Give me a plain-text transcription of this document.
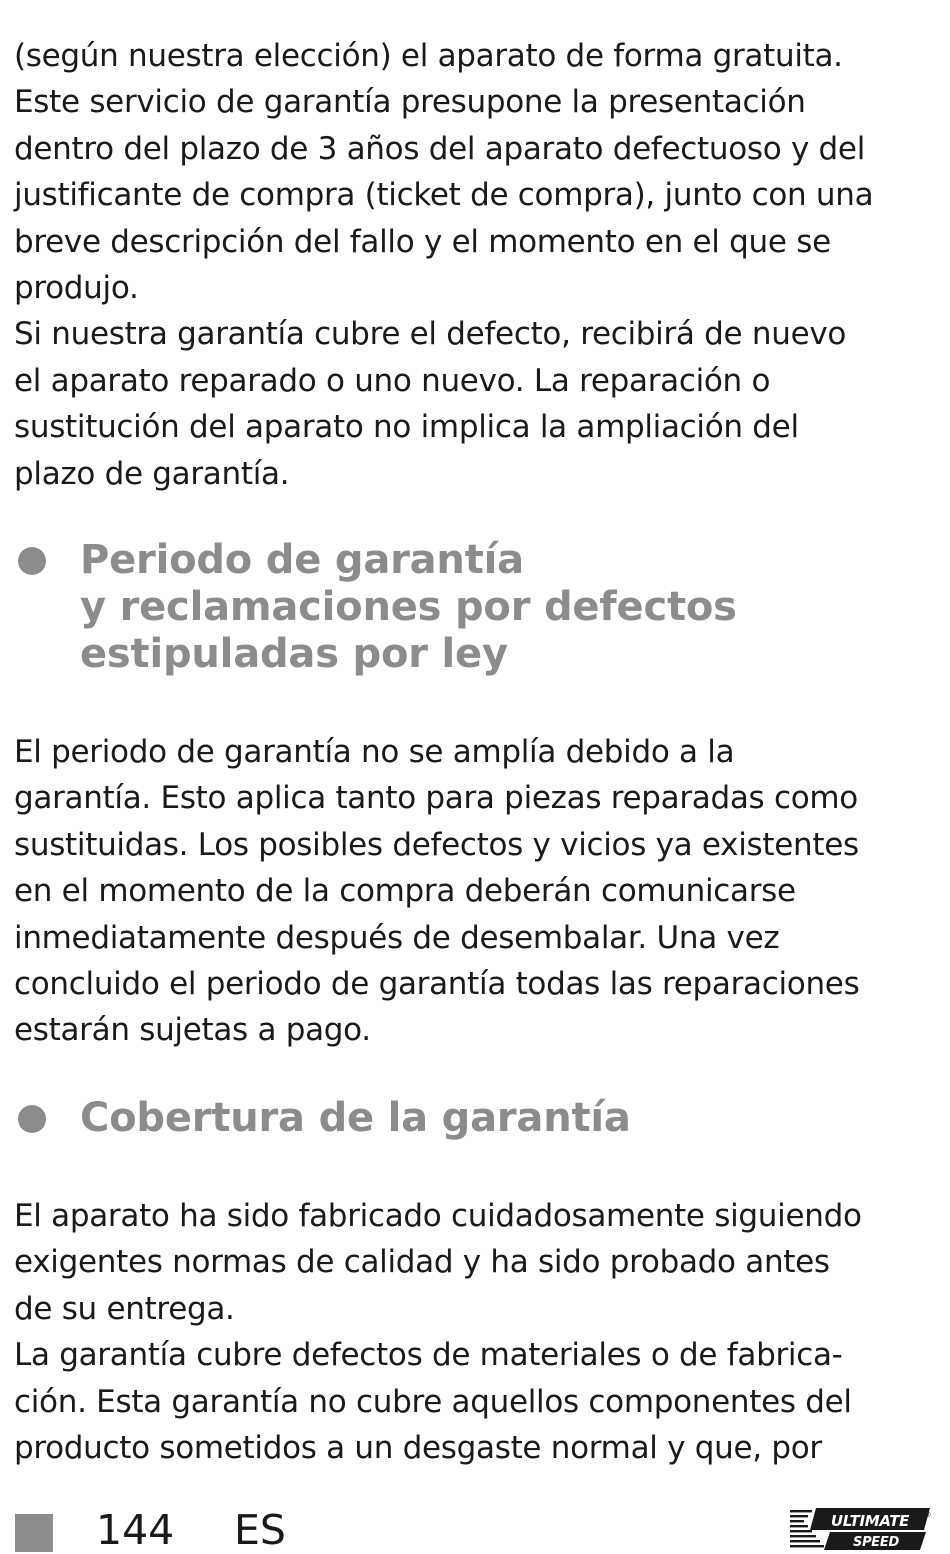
(según nuestra elección) el aparato de forma gratuita.
Este servicio de garantía presupone la presentación
dentro del plazo de 3 años del aparato defectuoso y del
justificante de compra (ticket de compra), junto con una
breve descripción del fallo y el momento en el que se
produjo.
Si nuestra garantía cubre el defecto, recibirá de nuevo
el aparato reparado o uno nuevo. La reparación o
sustitución del aparato no implica la ampliación del
plazo de garantía.
Periodo de garantía
y reclamaciones por defectos
estipuladas por ley
El periodo de garantía no se amplía debido a la
garantía. Esto aplica tanto para piezas reparadas como
sustituidas. Los posibles defectos y vicios ya existentes
en el momento de la compra deberán comunicarse
inmediatamente después de desembalar. Una vez
concluido el periodo de garantía todas las reparaciones
estarán sujetas a pago.
Cobertura de la garantía
El aparato ha sido fabricado cuidadosamente siguiendo
exigentes normas de calidad y ha sido probado antes
de su entrega.
La garantía cubre defectos de materiales o de fabrica-
ción. Esta garantía no cubre aquellos componentes del
producto sometidos a un desgaste normal y que, por
144 ES	ULTIMATE
SPEED
®
